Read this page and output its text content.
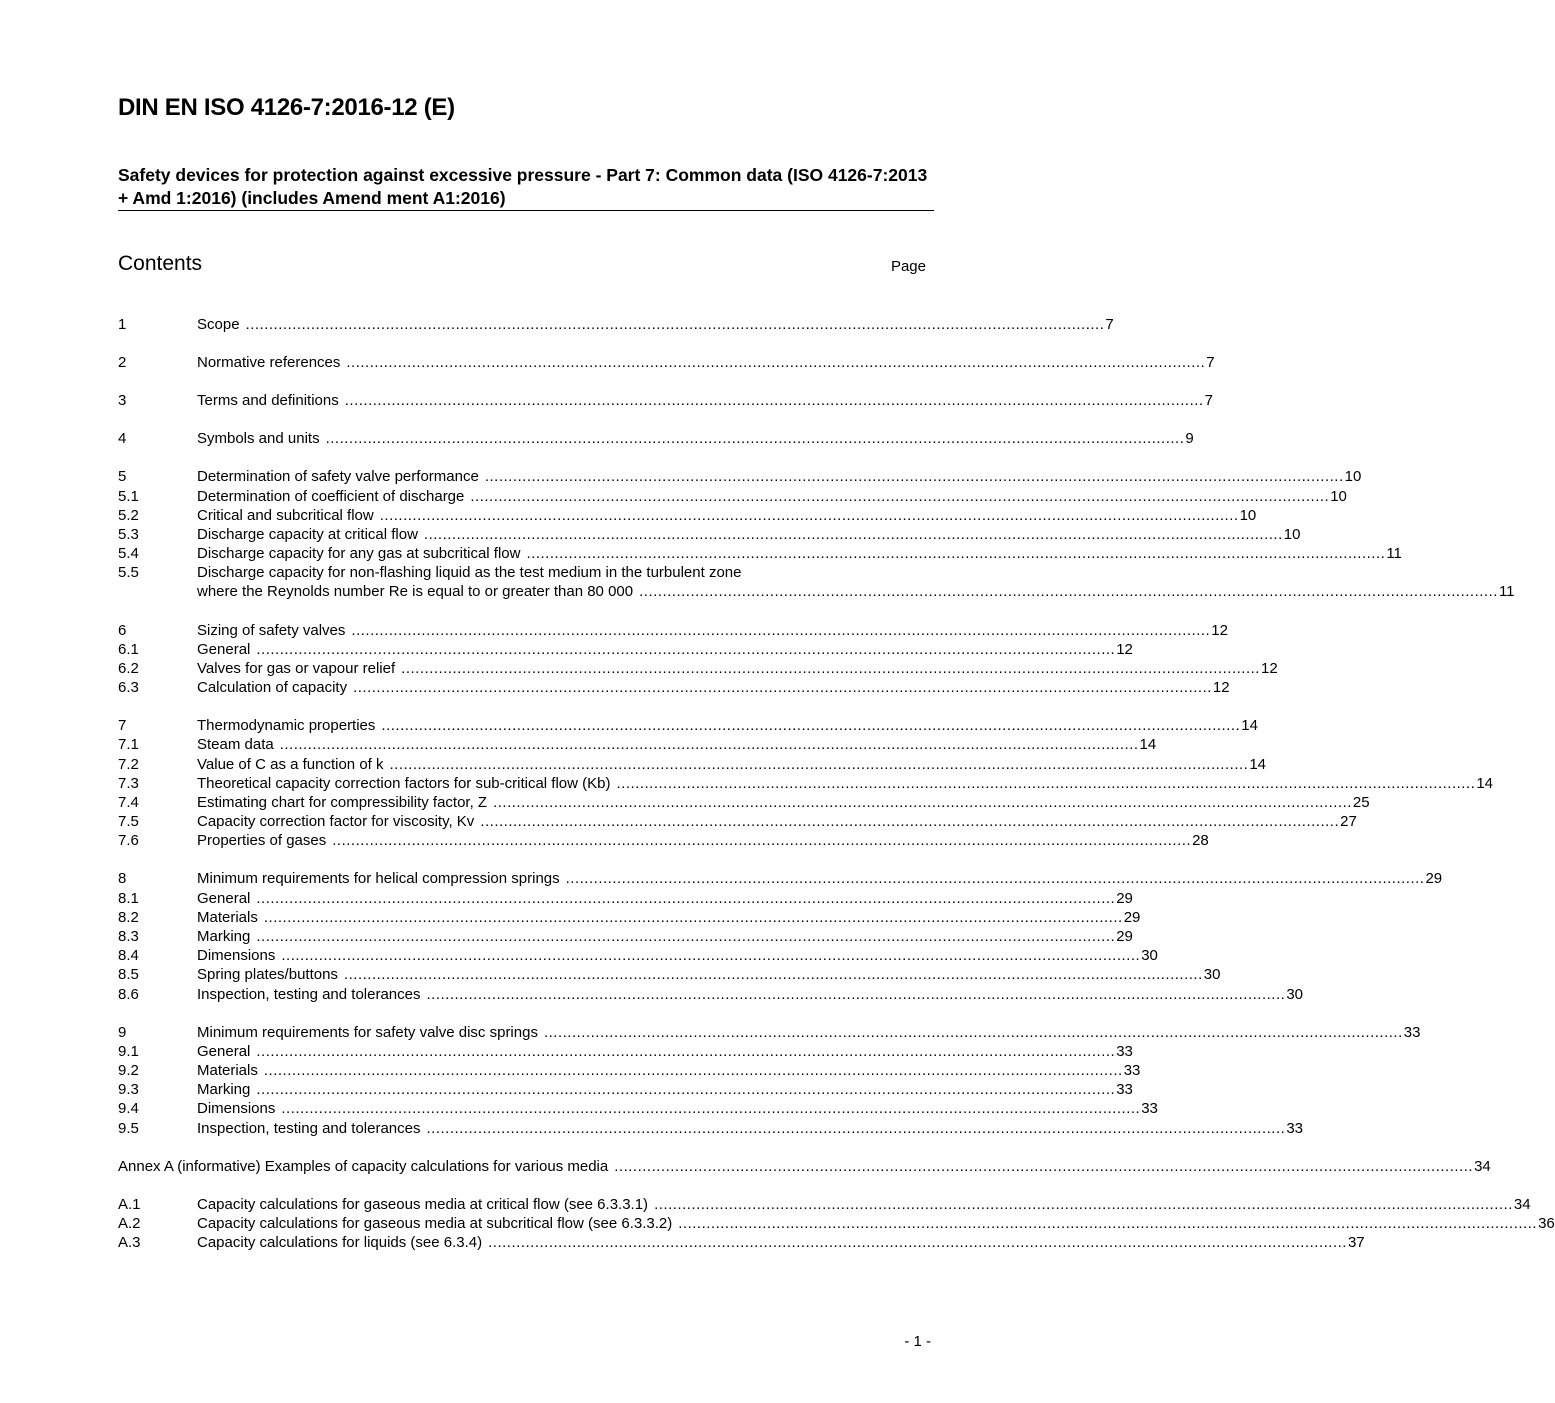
DIN EN ISO 4126-7:2016-12 (E)
Safety devices for protection against excessive pressure - Part 7: Common data (ISO 4126-7:2013 + Amd 1:2016) (includes Amend ment A1:2016)
Contents	Page
1	Scope ........................................................................................................................................................................................ 7
2	Normative references ........................................................................................................................................................................................ 7
3	Terms and definitions ........................................................................................................................................................................................ 7
4	Symbols and units ........................................................................................................................................................................................ 9
5	Determination of safety valve performance ........................................................................................................................................................................................ 10
5.1	Determination of coefficient of discharge ........................................................................................................................................................................................ 10
5.2	Critical and subcritical flow ........................................................................................................................................................................................ 10
5.3	Discharge capacity at critical flow ........................................................................................................................................................................................ 10
5.4	Discharge capacity for any gas at subcritical flow ........................................................................................................................................................................................ 11
5.5	Discharge capacity for non-flashing liquid as the test medium in the turbulent zone
where the Reynolds number Re is equal to or greater than 80 000 ........................................................................................................................................................................................ 11
6	Sizing of safety valves ........................................................................................................................................................................................ 12
6.1	General ........................................................................................................................................................................................ 12
6.2	Valves for gas or vapour relief ........................................................................................................................................................................................ 12
6.3	Calculation of capacity ........................................................................................................................................................................................ 12
7	Thermodynamic properties ........................................................................................................................................................................................ 14
7.1	Steam data ........................................................................................................................................................................................ 14
7.2	Value of C as a function of k ........................................................................................................................................................................................ 14
7.3	Theoretical capacity correction factors for sub-critical flow (Kb) ........................................................................................................................................................................................ 14
7.4	Estimating chart for compressibility factor, Z ........................................................................................................................................................................................ 25
7.5	Capacity correction factor for viscosity, Kv ........................................................................................................................................................................................ 27
7.6	Properties of gases ........................................................................................................................................................................................ 28
8	Minimum requirements for helical compression springs ........................................................................................................................................................................................ 29
8.1	General ........................................................................................................................................................................................ 29
8.2	Materials ........................................................................................................................................................................................ 29
8.3	Marking ........................................................................................................................................................................................ 29
8.4	Dimensions ........................................................................................................................................................................................ 30
8.5	Spring plates/buttons ........................................................................................................................................................................................ 30
8.6	Inspection, testing and tolerances ........................................................................................................................................................................................ 30
9	Minimum requirements for safety valve disc springs ........................................................................................................................................................................................ 33
9.1	General ........................................................................................................................................................................................ 33
9.2	Materials ........................................................................................................................................................................................ 33
9.3	Marking ........................................................................................................................................................................................ 33
9.4	Dimensions ........................................................................................................................................................................................ 33
9.5	Inspection, testing and tolerances ........................................................................................................................................................................................ 33
Annex A (informative) Examples of capacity calculations for various media ........................................................................................................................................................................................ 34
A.1	Capacity calculations for gaseous media at critical flow (see 6.3.3.1) ........................................................................................................................................................................................ 34
A.2	Capacity calculations for gaseous media at subcritical flow (see 6.3.3.2) ........................................................................................................................................................................................ 36
A.3	Capacity calculations for liquids (see 6.3.4) ........................................................................................................................................................................................ 37
- 1 -
